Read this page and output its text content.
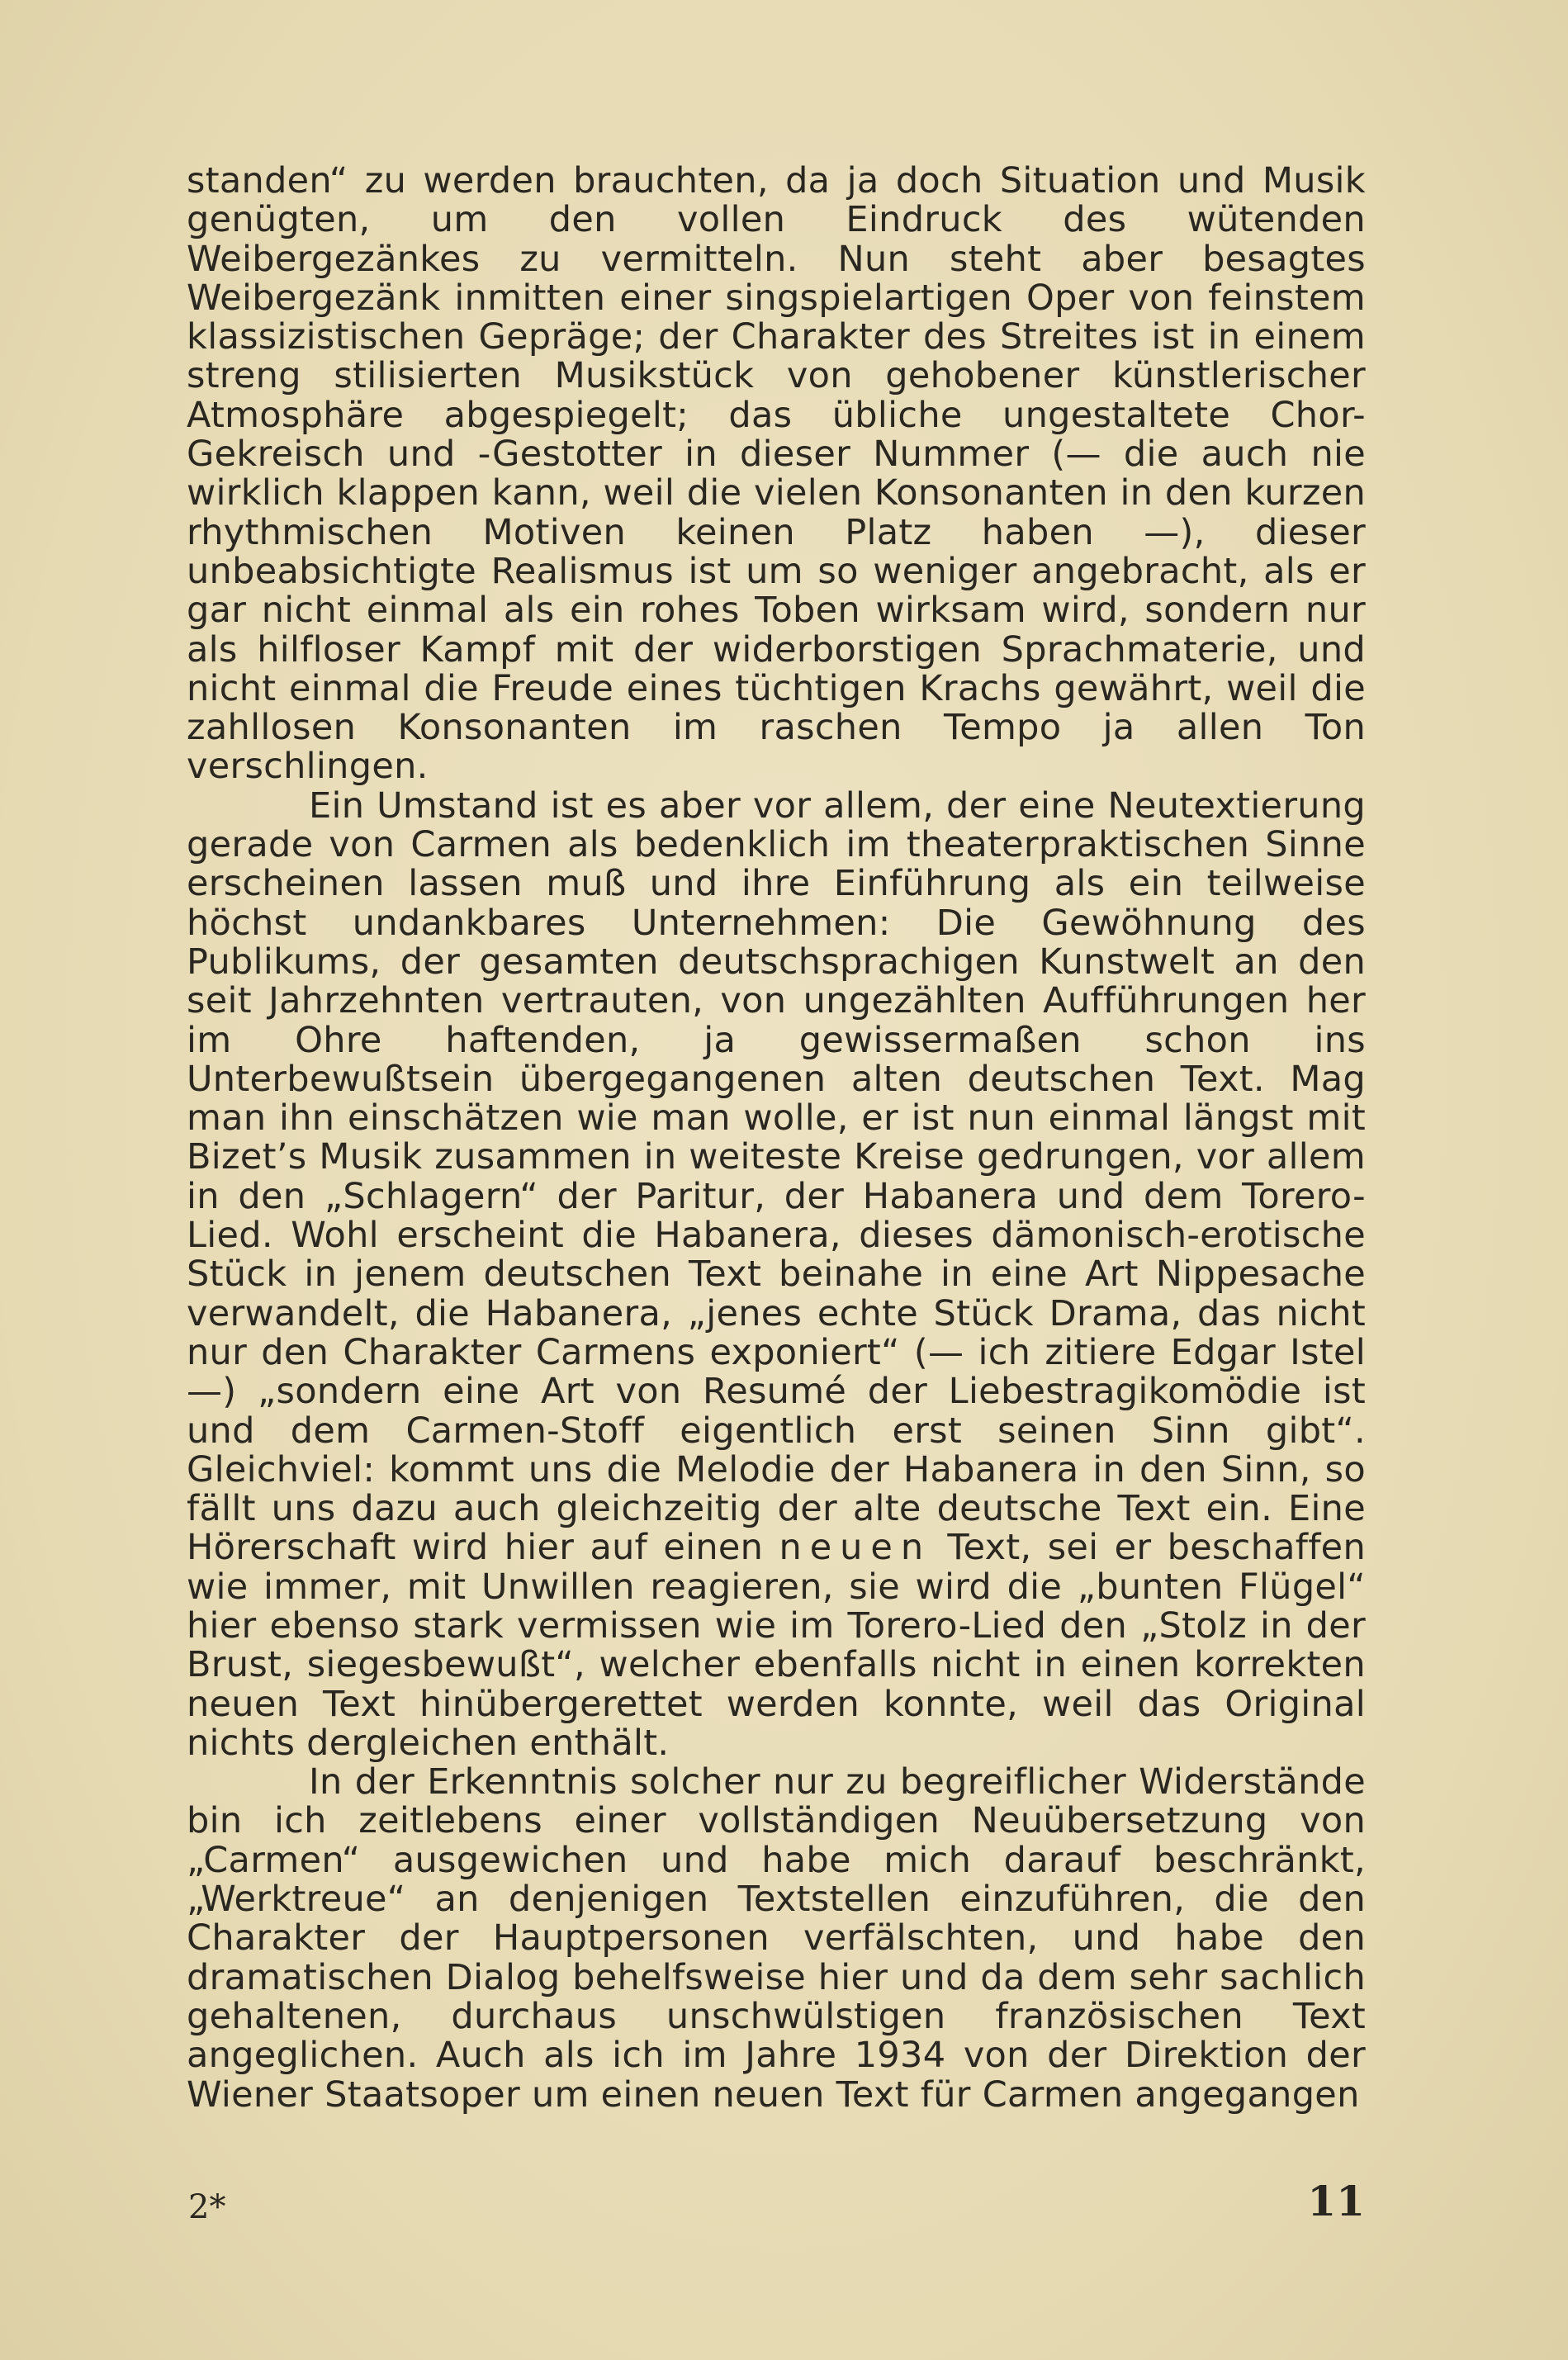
standen“ zu werden brauchten, da ja doch Situation und Musik genügten, um den vollen Eindruck des wütenden Weibergezänkes zu vermitteln. Nun steht aber besagtes Weibergezänk inmitten einer singspielartigen Oper von feinstem klassizistischen Gepräge; der Charakter des Streites ist in einem streng stilisierten Musikstück von gehobener künstlerischer Atmosphäre abgespiegelt; das übliche ungestaltete Chor-Gekreisch und -Gestotter in dieser Nummer (— die auch nie wirklich klappen kann, weil die vielen Konsonanten in den kurzen rhythmischen Motiven keinen Platz haben —), dieser unbeabsichtigte Realismus ist um so weniger angebracht, als er gar nicht einmal als ein rohes Toben wirksam wird, sondern nur als hilfloser Kampf mit der widerborstigen Sprachmaterie, und nicht einmal die Freude eines tüchtigen Krachs gewährt, weil die zahllosen Konsonanten im raschen Tempo ja allen Ton verschlingen.

Ein Umstand ist es aber vor allem, der eine Neutextierung gerade von Carmen als bedenklich im theaterpraktischen Sinne erscheinen lassen muß und ihre Einführung als ein teilweise höchst undankbares Unternehmen: Die Gewöhnung des Publikums, der gesamten deutschsprachigen Kunstwelt an den seit Jahrzehnten vertrauten, von ungezählten Aufführungen her im Ohre haftenden, ja gewissermaßen schon ins Unterbewußtsein übergegangenen alten deutschen Text. Mag man ihn einschätzen wie man wolle, er ist nun einmal längst mit Bizet’s Musik zusammen in weiteste Kreise gedrungen, vor allem in den „Schlagern“ der Paritur, der Habanera und dem Torero-Lied. Wohl erscheint die Habanera, dieses dämonisch-erotische Stück in jenem deutschen Text beinahe in eine Art Nippesache verwandelt, die Habanera, „jenes echte Stück Drama, das nicht nur den Charakter Carmens exponiert“ (— ich zitiere Edgar Istel —) „sondern eine Art von Resumé der Liebestragikomödie ist und dem Carmen-Stoff eigentlich erst seinen Sinn gibt“. Gleichviel: kommt uns die Melodie der Habanera in den Sinn, so fällt uns dazu auch gleichzeitig der alte deutsche Text ein. Eine Hörerschaft wird hier auf einen neuen Text, sei er beschaffen wie immer, mit Unwillen reagieren, sie wird die „bunten Flügel“ hier ebenso stark vermissen wie im Torero-Lied den „Stolz in der Brust, siegesbewußt“, welcher ebenfalls nicht in einen korrekten neuen Text hinübergerettet werden konnte, weil das Original nichts dergleichen enthält.

In der Erkenntnis solcher nur zu begreiflicher Widerstände bin ich zeitlebens einer vollständigen Neuübersetzung von „Carmen“ ausgewichen und habe mich darauf beschränkt, „Werktreue“ an denjenigen Textstellen einzuführen, die den Charakter der Hauptpersonen verfälschten, und habe den dramatischen Dialog behelfsweise hier und da dem sehr sachlich gehaltenen, durchaus unschwülstigen französischen Text angeglichen. Auch als ich im Jahre 1934 von der Direktion der Wiener Staatsoper um einen neuen Text für Carmen angegangen

2*	11
